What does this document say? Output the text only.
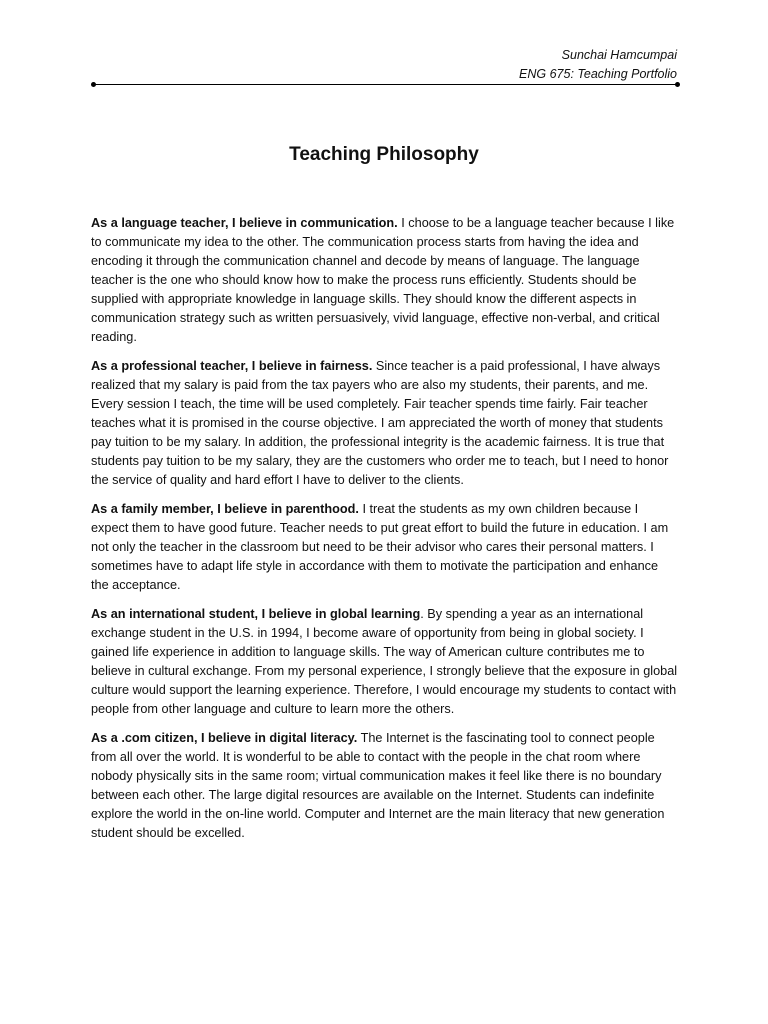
Sunchai Hamcumpai
ENG 675: Teaching Portfolio
Teaching Philosophy

As a language teacher, I believe in communication. I choose to be a language teacher because I like to communicate my idea to the other. The communication process starts from having the idea and encoding it through the communication channel and decode by means of language. The language teacher is the one who should know how to make the process runs efficiently. Students should be supplied with appropriate knowledge in language skills. They should know the different aspects in communication strategy such as written persuasively, vivid language, effective non-verbal, and critical reading.

As a professional teacher, I believe in fairness. Since teacher is a paid professional, I have always realized that my salary is paid from the tax payers who are also my students, their parents, and me. Every session I teach, the time will be used completely. Fair teacher spends time fairly. Fair teacher teaches what it is promised in the course objective. I am appreciated the worth of money that students pay tuition to be my salary. In addition, the professional integrity is the academic fairness. It is true that students pay tuition to be my salary, they are the customers who order me to teach, but I need to honor the service of quality and hard effort I have to deliver to the clients.

As a family member, I believe in parenthood. I treat the students as my own children because I expect them to have good future. Teacher needs to put great effort to build the future in education. I am not only the teacher in the classroom but need to be their advisor who cares their personal matters. I sometimes have to adapt life style in accordance with them to motivate the participation and enhance the acceptance.

As an international student, I believe in global learning. By spending a year as an international exchange student in the U.S. in 1994, I become aware of opportunity from being in global society. I gained life experience in addition to language skills. The way of American culture contributes me to believe in cultural exchange. From my personal experience, I strongly believe that the exposure in global culture would support the learning experience. Therefore, I would encourage my students to contact with people from other language and culture to learn more the others.

As a .com citizen, I believe in digital literacy. The Internet is the fascinating tool to connect people from all over the world. It is wonderful to be able to contact with the people in the chat room where nobody physically sits in the same room; virtual communication makes it feel like there is no boundary between each other. The large digital resources are available on the Internet. Students can indefinite explore the world in the on-line world. Computer and Internet are the main literacy that new generation student should be excelled.
